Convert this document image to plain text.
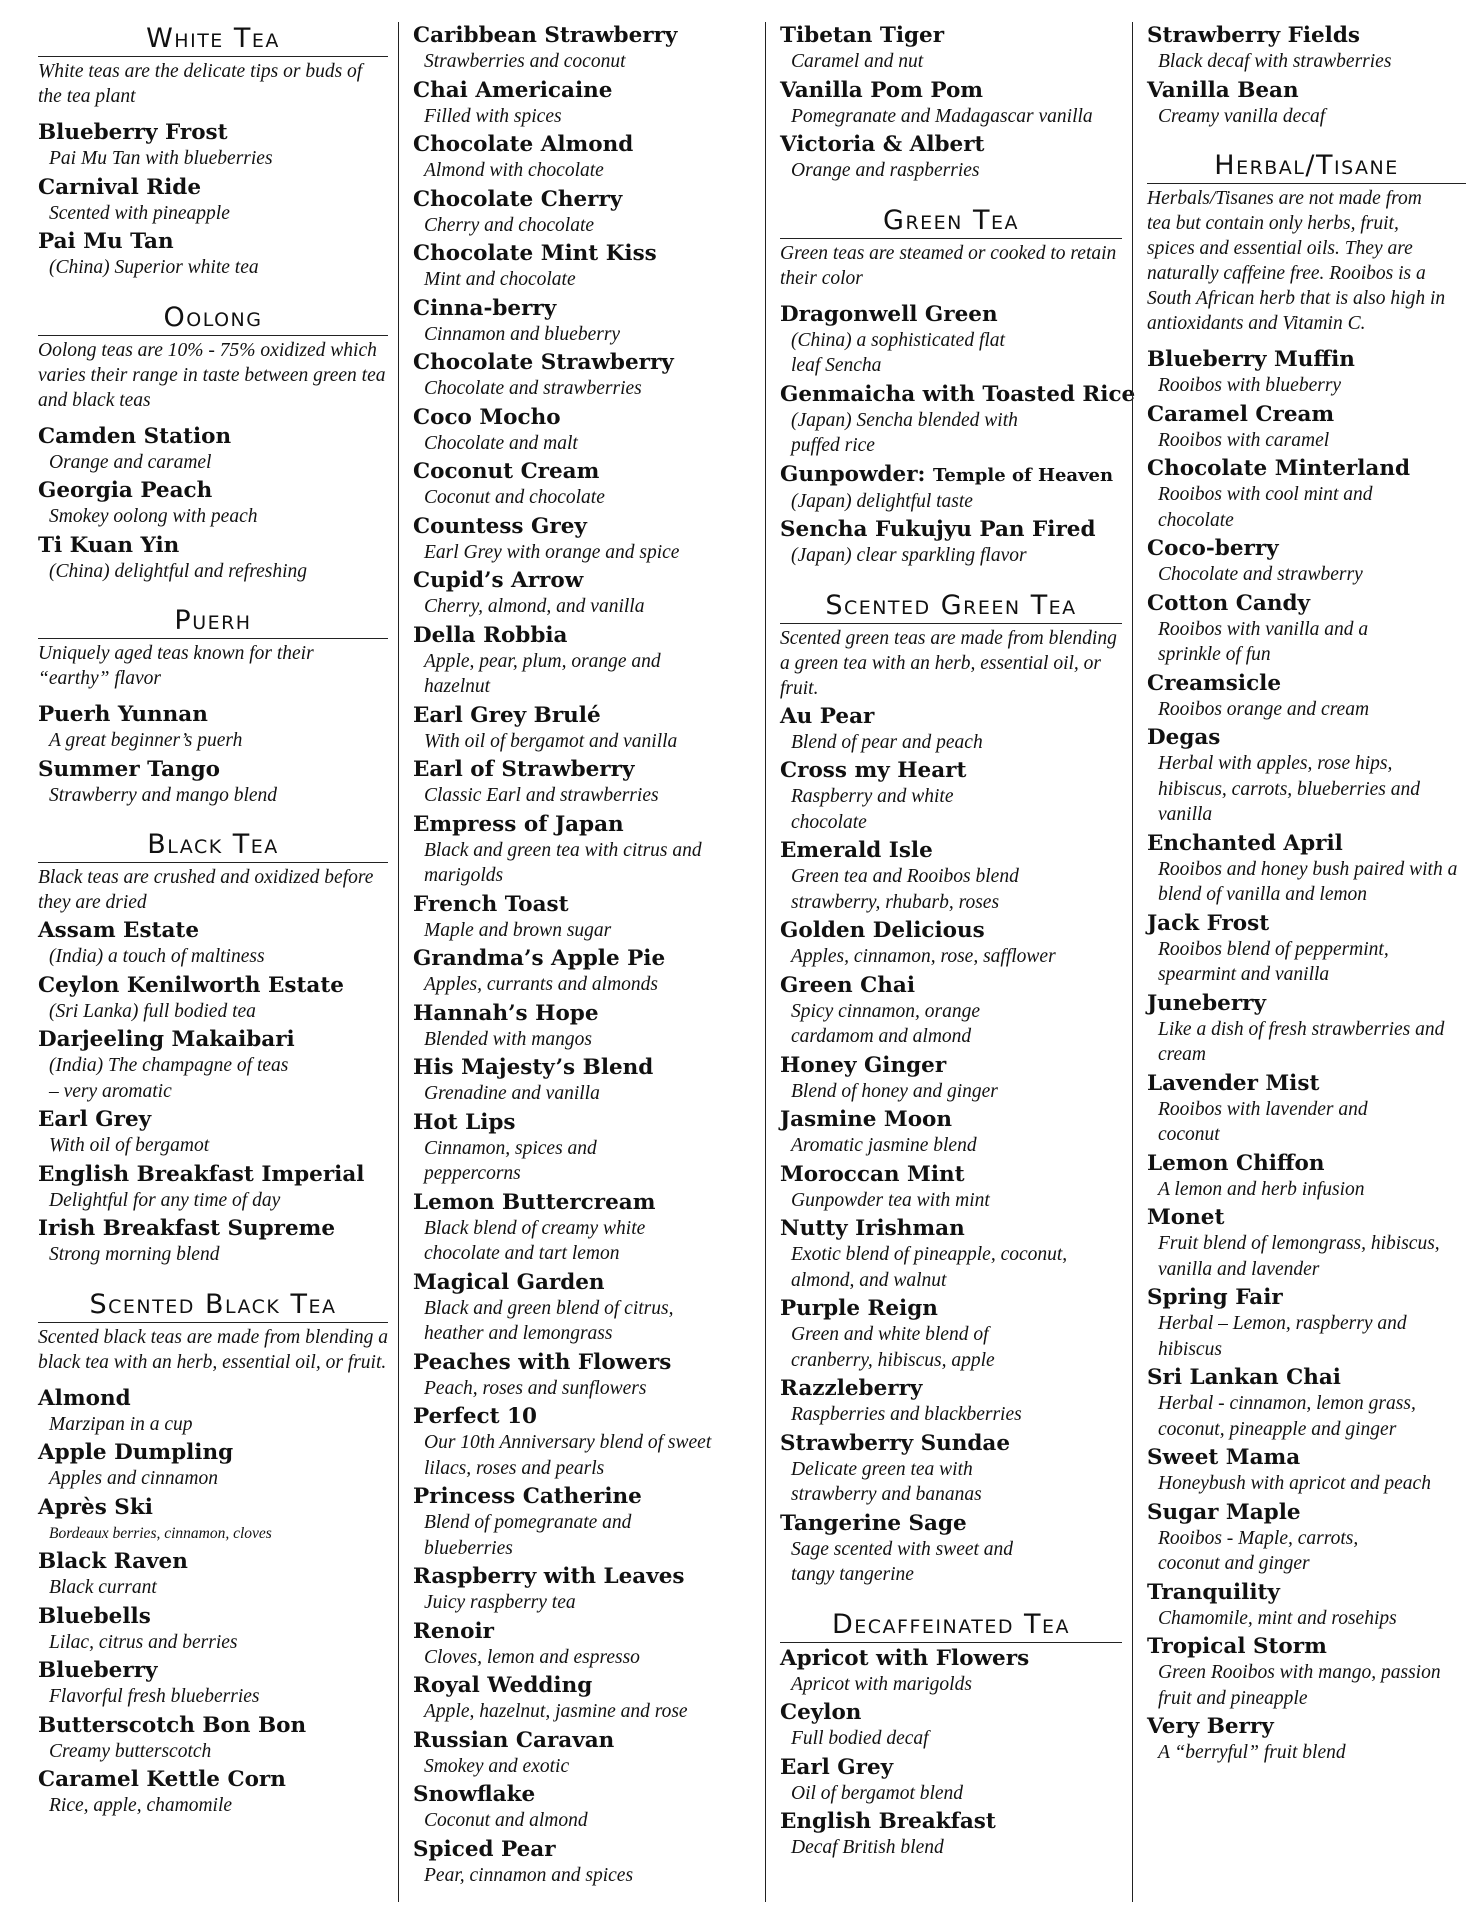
White Tea
White teas are the delicate tips or buds of the tea plant
Blueberry Frost
Pai Mu Tan with blueberries
Carnival Ride
Scented with pineapple
Pai Mu Tan
(China) Superior white tea
Oolong
Oolong teas are 10% - 75% oxidized which varies their range in taste between green tea and black teas
Camden Station
Orange and caramel
Georgia Peach
Smokey oolong with peach
Ti Kuan Yin
(China) delightful and refreshing
Puerh
Uniquely aged teas known for their “earthy” flavor
Puerh Yunnan
A great beginner’s puerh
Summer Tango
Strawberry and mango blend
Black Tea
Black teas are crushed and oxidized before they are dried
Assam Estate
(India) a touch of maltiness
Ceylon Kenilworth Estate
(Sri Lanka) full bodied tea
Darjeeling Makaibari
(India) The champagne of teas – very aromatic
Earl Grey
With oil of bergamot
English Breakfast Imperial
Delightful for any time of day
Irish Breakfast Supreme
Strong morning blend
Scented Black Tea
Scented black teas are made from blending a black tea with an herb, essential oil, or fruit.
Almond
Marzipan in a cup
Apple Dumpling
Apples and cinnamon
Après Ski
Bordeaux berries, cinnamon, cloves
Black Raven
Black currant
Bluebells
Lilac, citrus and berries
Blueberry
Flavorful fresh blueberries
Butterscotch Bon Bon
Creamy butterscotch
Caramel Kettle Corn
Rice, apple, chamomile
Caribbean Strawberry
Strawberries and coconut
Chai Americaine
Filled with spices
Chocolate Almond
Almond with chocolate
Chocolate Cherry
Cherry and chocolate
Chocolate Mint Kiss
Mint and chocolate
Cinna-berry
Cinnamon and blueberry
Chocolate Strawberry
Chocolate and strawberries
Coco Mocho
Chocolate and malt
Coconut Cream
Coconut and chocolate
Countess Grey
Earl Grey with orange and spice
Cupid’s Arrow
Cherry, almond, and vanilla
Della Robbia
Apple, pear, plum, orange and hazelnut
Earl Grey Brulé
With oil of bergamot and vanilla
Earl of Strawberry
Classic Earl and strawberries
Empress of Japan
Black and green tea with citrus and marigolds
French Toast
Maple and brown sugar
Grandma’s Apple Pie
Apples, currants and almonds
Hannah’s Hope
Blended with mangos
His Majesty’s Blend
Grenadine and vanilla
Hot Lips
Cinnamon, spices and peppercorns
Lemon Buttercream
Black blend of creamy white chocolate and tart lemon
Magical Garden
Black and green blend of citrus, heather and lemongrass
Peaches with Flowers
Peach, roses and sunflowers
Perfect 10
Our 10th Anniversary blend of sweet lilacs, roses and pearls
Princess Catherine
Blend of pomegranate and blueberries
Raspberry with Leaves
Juicy raspberry tea
Renoir
Cloves, lemon and espresso
Royal Wedding
Apple, hazelnut, jasmine and rose
Russian Caravan
Smokey and exotic
Snowflake
Coconut and almond
Spiced Pear
Pear, cinnamon and spices
Tibetan Tiger
Caramel and nut
Vanilla Pom Pom
Pomegranate and Madagascar vanilla
Victoria & Albert
Orange and raspberries
Green Tea
Green teas are steamed or cooked to retain their color
Dragonwell Green
(China) a sophisticated flat leaf Sencha
Genmaicha with Toasted Rice
(Japan) Sencha blended with puffed rice
Gunpowder: Temple of Heaven
(Japan) delightful taste
Sencha Fukujyu Pan Fired
(Japan) clear sparkling flavor
Scented Green Tea
Scented green teas are made from blending a green tea with an herb, essential oil, or fruit.
Au Pear
Blend of pear and peach
Cross my Heart
Raspberry and white chocolate
Emerald Isle
Green tea and Rooibos blend strawberry, rhubarb, roses
Golden Delicious
Apples, cinnamon, rose, safflower
Green Chai
Spicy cinnamon, orange cardamom and almond
Honey Ginger
Blend of honey and ginger
Jasmine Moon
Aromatic jasmine blend
Moroccan Mint
Gunpowder tea with mint
Nutty Irishman
Exotic blend of pineapple, coconut, almond, and walnut
Purple Reign
Green and white blend of cranberry, hibiscus, apple
Razzleberry
Raspberries and blackberries
Strawberry Sundae
Delicate green tea with strawberry and bananas
Tangerine Sage
Sage scented with sweet and tangy tangerine
Decaffeinated Tea
Apricot with Flowers
Apricot with marigolds
Ceylon
Full bodied decaf
Earl Grey
Oil of bergamot blend
English Breakfast
Decaf British blend
Strawberry Fields
Black decaf with strawberries
Vanilla Bean
Creamy vanilla decaf
Herbal/Tisane
Herbals/Tisanes are not made from tea but contain only herbs, fruit, spices and essential oils. They are naturally caffeine free. Rooibos is a South African herb that is also high in antioxidants and Vitamin C.
Blueberry Muffin
Rooibos with blueberry
Caramel Cream
Rooibos with caramel
Chocolate Minterland
Rooibos with cool mint and chocolate
Coco-berry
Chocolate and strawberry
Cotton Candy
Rooibos with vanilla and a sprinkle of fun
Creamsicle
Rooibos orange and cream
Degas
Herbal with apples, rose hips, hibiscus, carrots, blueberries and vanilla
Enchanted April
Rooibos and honey bush paired with a blend of vanilla and lemon
Jack Frost
Rooibos blend of peppermint, spearmint and vanilla
Juneberry
Like a dish of fresh strawberries and cream
Lavender Mist
Rooibos with lavender and coconut
Lemon Chiffon
A lemon and herb infusion
Monet
Fruit blend of lemongrass, hibiscus, vanilla and lavender
Spring Fair
Herbal – Lemon, raspberry and hibiscus
Sri Lankan Chai
Herbal - cinnamon, lemon grass, coconut, pineapple and ginger
Sweet Mama
Honeybush with apricot and peach
Sugar Maple
Rooibos - Maple, carrots, coconut and ginger
Tranquility
Chamomile, mint and rosehips
Tropical Storm
Green Rooibos with mango, passion fruit and pineapple
Very Berry
A “berryful” fruit blend
